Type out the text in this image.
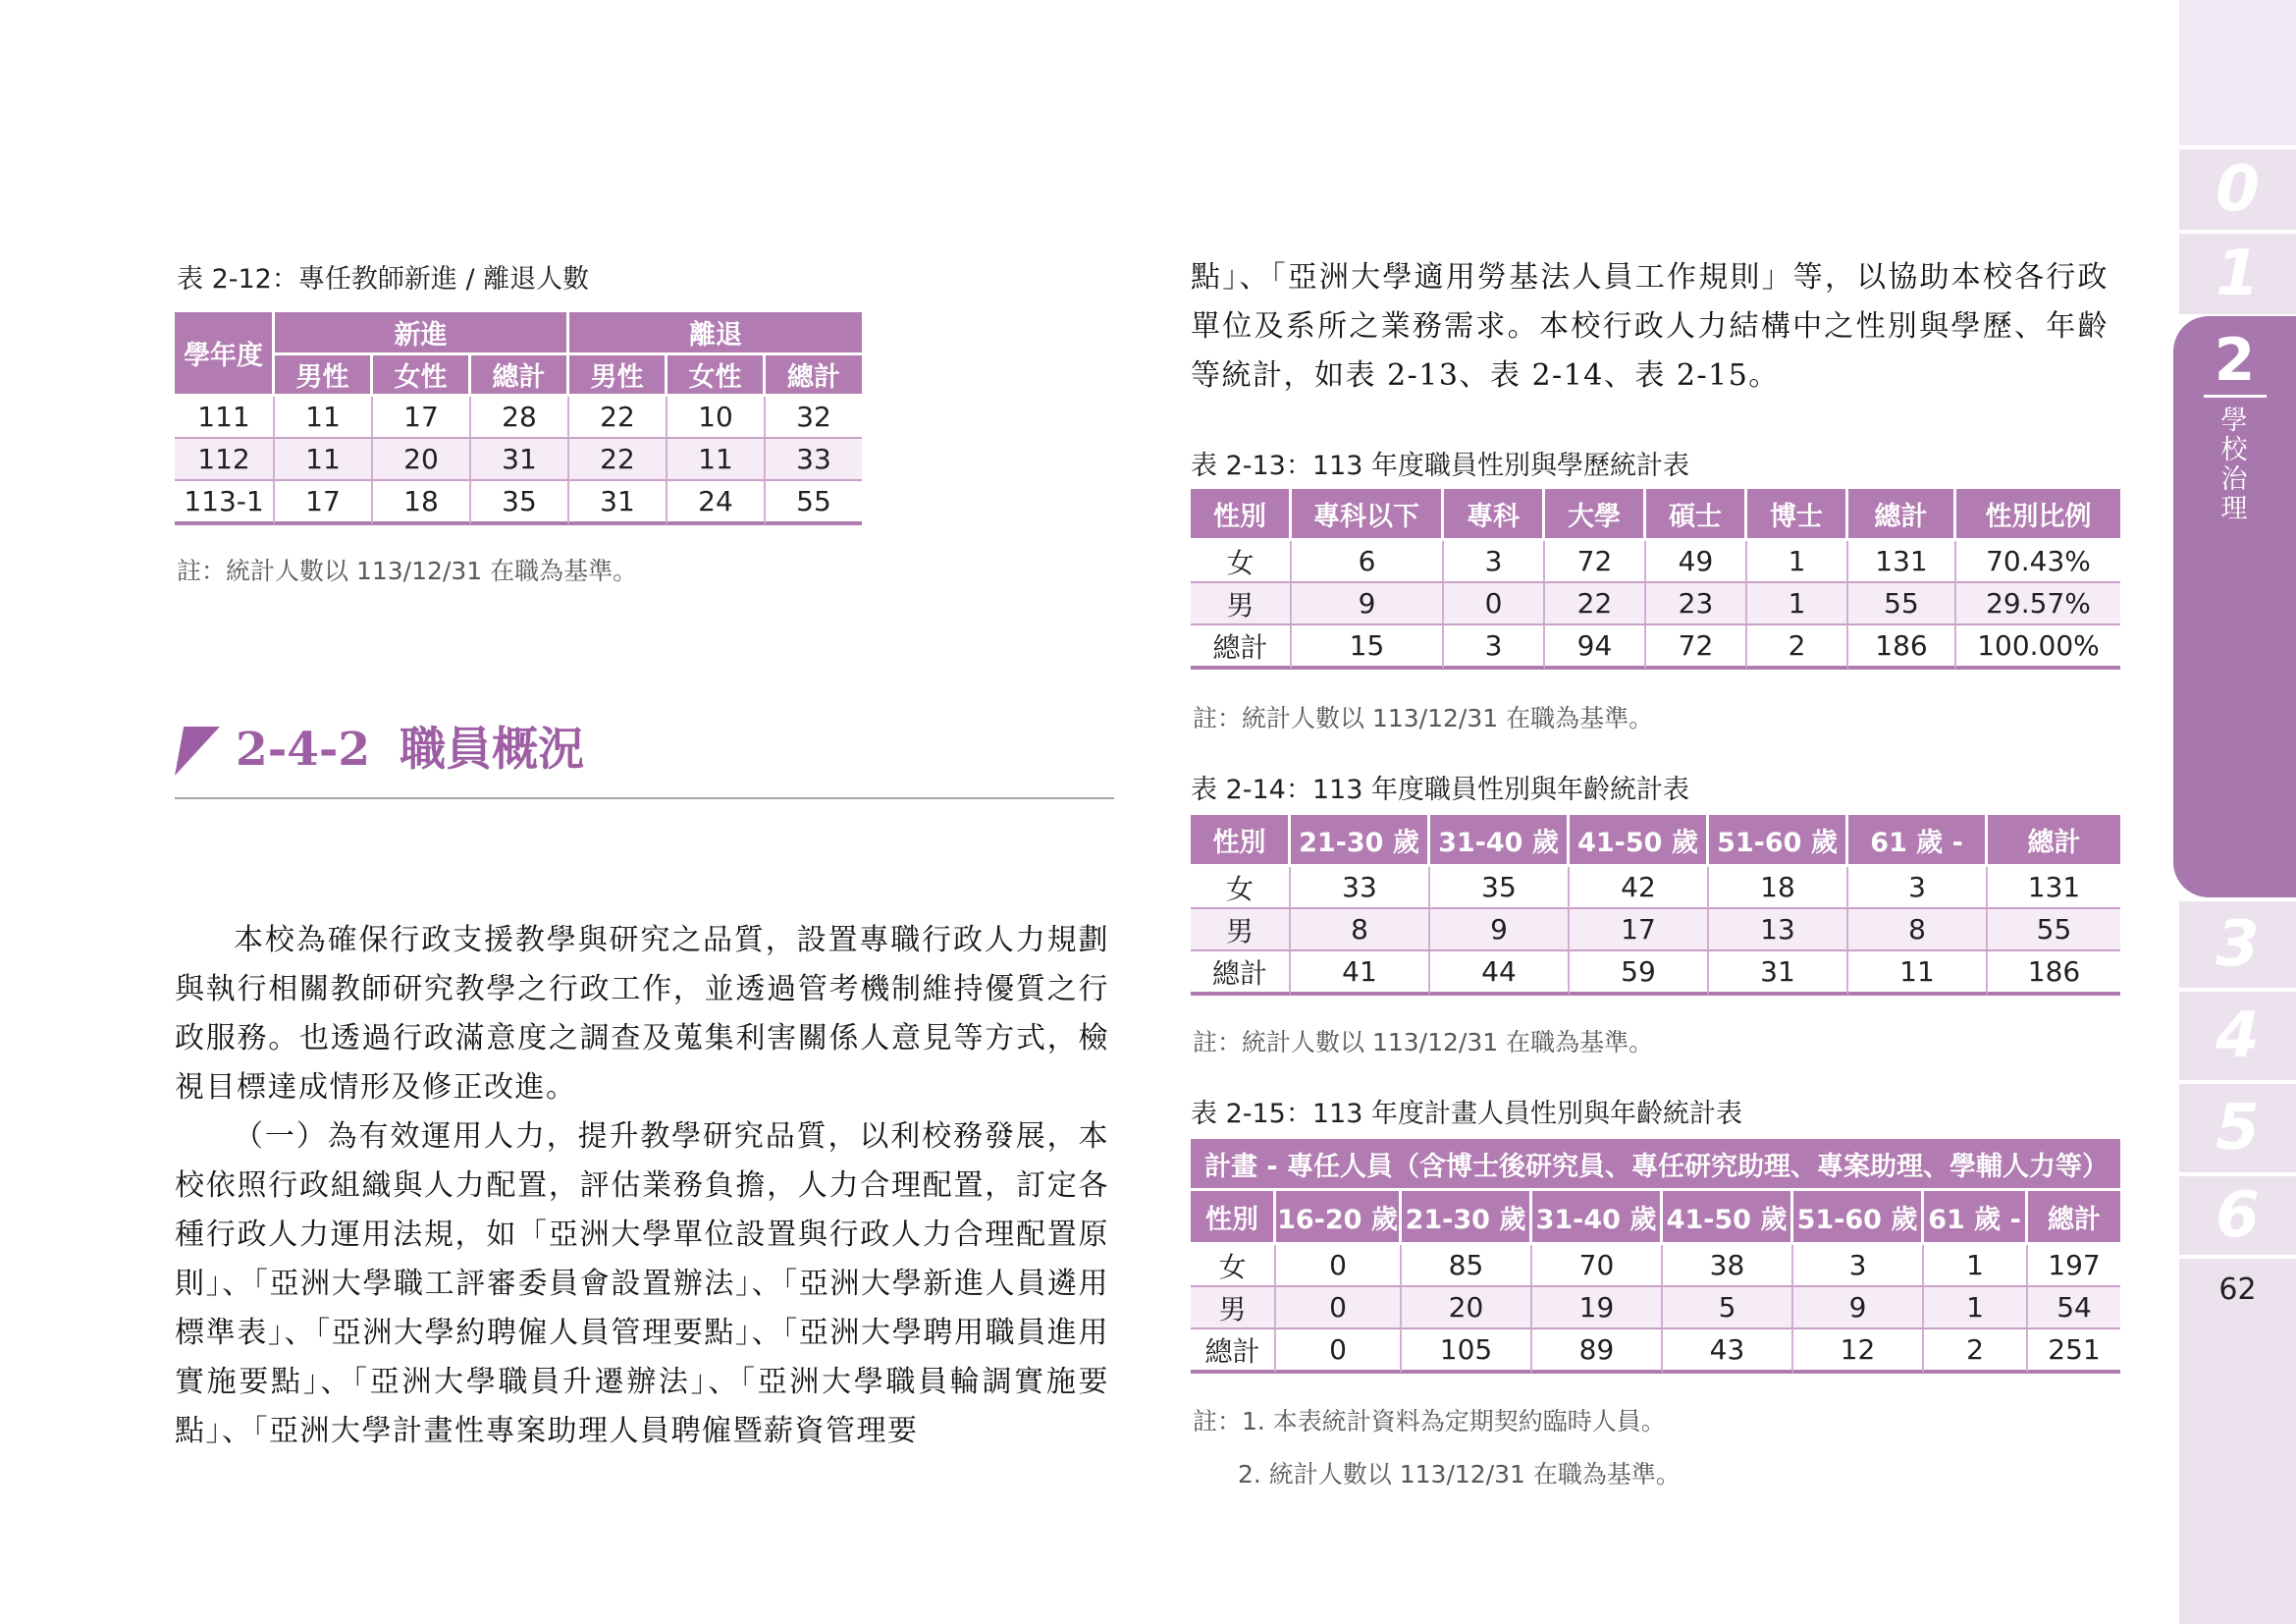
表 2-12：專任教師新進 / 離退人數
學年度	新進			離退		
	男性	女性	總計	男性	女性	總計
111	11	17	28	22	10	32
112	11	20	31	22	11	33
113-1	17	18	35	31	24	55
註：統計人數以 113/12/31 在職為基準。
2-4-2 職員概況

本校為確保行政支援教學與研究之品質，設置專職行政人力規劃與執行相關教師研究教學之行政工作，並透過管考機制維持優質之行政服務。也透過行政滿意度之調查及蒐集利害關係人意見等方式，檢視目標達成情形及修正改進。

（一）為有效運用人力，提升教學研究品質，以利校務發展，本校依照行政組織與人力配置，評估業務負擔，人力合理配置，訂定各種行政人力運用法規，如「亞洲大學單位設置與行政人力合理配置原則」、「亞洲大學職工評審委員會設置辦法」、「亞洲大學新進人員遴用標準表」、「亞洲大學約聘僱人員管理要點」、「亞洲大學聘用職員進用實施要點」、「亞洲大學職員升遷辦法」、「亞洲大學職員輪調實施要點」、「亞洲大學計畫性專案助理人員聘僱暨薪資管理要

點」、「亞洲大學適用勞基法人員工作規則」等，以協助本校各行政單位及系所之業務需求。本校行政人力結構中之性別與學歷、年齡等統計，如表 2-13、表 2-14、表 2-15。

表 2-13：113 年度職員性別與學歷統計表
性別	專科以下	專科	大學	碩士	博士	總計	性別比例
女	6	3	72	49	1	131	70.43%
男	9	0	22	23	1	55	29.57%
總計	15	3	94	72	2	186	100.00%
註：統計人數以 113/12/31 在職為基準。
表 2-14：113 年度職員性別與年齡統計表
性別	21-30 歲	31-40 歲	41-50 歲	51-60 歲	61 歲 -	總計
女	33	35	42	18	3	131
男	8	9	17	13	8	55
總計	41	44	59	31	11	186
註：統計人數以 113/12/31 在職為基準。
表 2-15：113 年度計畫人員性別與年齡統計表
計畫 - 專任人員（含博士後研究員、專任研究助理、專案助理、學輔人力等）							
性別	16-20 歲	21-30 歲	31-40 歲	41-50 歲	51-60 歲	61 歲 -	總計
女	0	85	70	38	3	1	197
男	0	20	19	5	9	1	54
總計	0	105	89	43	12	2	251
註：1. 本表統計資料為定期契約臨時人員。
2. 統計人數以 113/12/31 在職為基準。
0
1
2
學校治理
3
4
5
6
62
